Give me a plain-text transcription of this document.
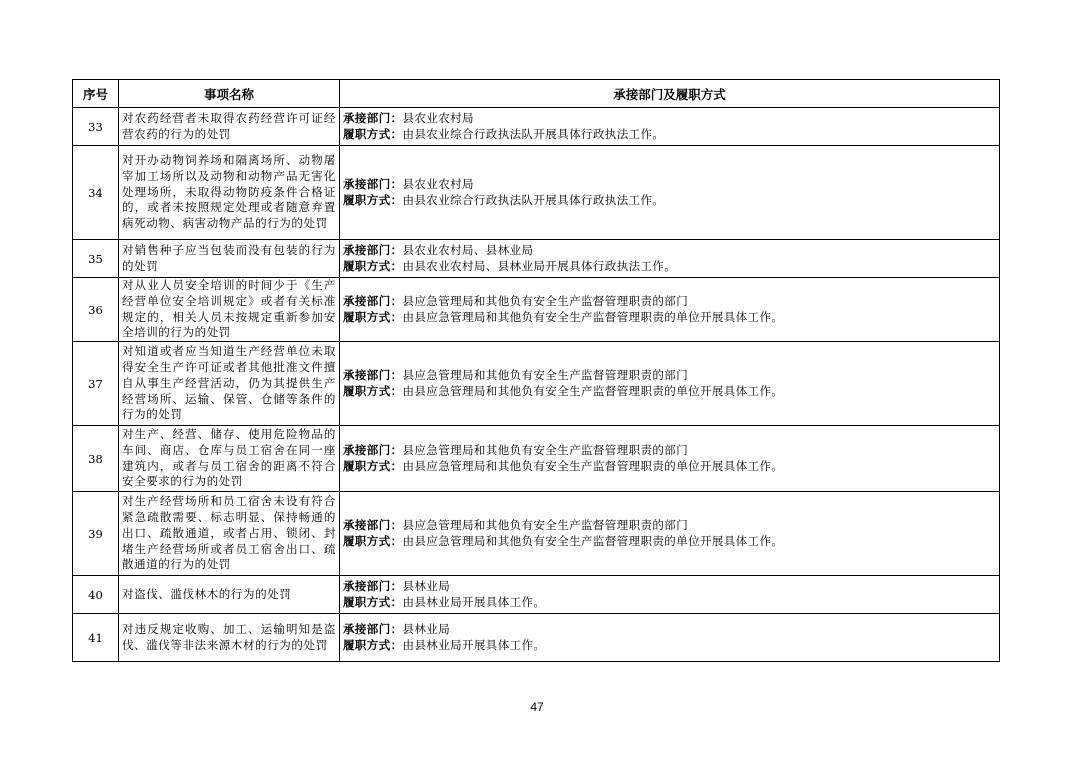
序号	事项名称	承接部门及履职方式
33	对农药经营者未取得农药经营许可证经营农药的行为的处罚	承接部门：县农业农村局
履职方式：由县农业综合行政执法队开展具体行政执法工作。

34	对开办动物饲养场和隔离场所、动物屠宰加工场所以及动物和动物产品无害化处理场所，未取得动物防疫条件合格证的，或者未按照规定处理或者随意弃置病死动物、病害动物产品的行为的处罚	承接部门：县农业农村局
履职方式：由县农业综合行政执法队开展具体行政执法工作。

35	对销售种子应当包装而没有包装的行为的处罚	承接部门：县农业农村局、县林业局
履职方式：由县农业农村局、县林业局开展具体行政执法工作。

36	对从业人员安全培训的时间少于《生产经营单位安全培训规定》或者有关标准规定的，相关人员未按规定重新参加安全培训的行为的处罚	承接部门：县应急管理局和其他负有安全生产监督管理职责的部门
履职方式：由县应急管理局和其他负有安全生产监督管理职责的单位开展具体工作。

37	对知道或者应当知道生产经营单位未取得安全生产许可证或者其他批准文件擅自从事生产经营活动，仍为其提供生产经营场所、运输、保管、仓储等条件的行为的处罚	承接部门：县应急管理局和其他负有安全生产监督管理职责的部门
履职方式：由县应急管理局和其他负有安全生产监督管理职责的单位开展具体工作。

38	对生产、经营、储存、使用危险物品的车间、商店、仓库与员工宿舍在同一座建筑内，或者与员工宿舍的距离不符合安全要求的行为的处罚	承接部门：县应急管理局和其他负有安全生产监督管理职责的部门
履职方式：由县应急管理局和其他负有安全生产监督管理职责的单位开展具体工作。

39	对生产经营场所和员工宿舍未设有符合紧急疏散需要、标志明显、保持畅通的出口、疏散通道，或者占用、锁闭、封堵生产经营场所或者员工宿舍出口、疏散通道的行为的处罚	承接部门：县应急管理局和其他负有安全生产监督管理职责的部门
履职方式：由县应急管理局和其他负有安全生产监督管理职责的单位开展具体工作。

40	对盗伐、滥伐林木的行为的处罚	承接部门：县林业局
履职方式：由县林业局开展具体工作。

41	对违反规定收购、加工、运输明知是盗伐、滥伐等非法来源木材的行为的处罚	承接部门：县林业局
履职方式：由县林业局开展具体工作。
47
